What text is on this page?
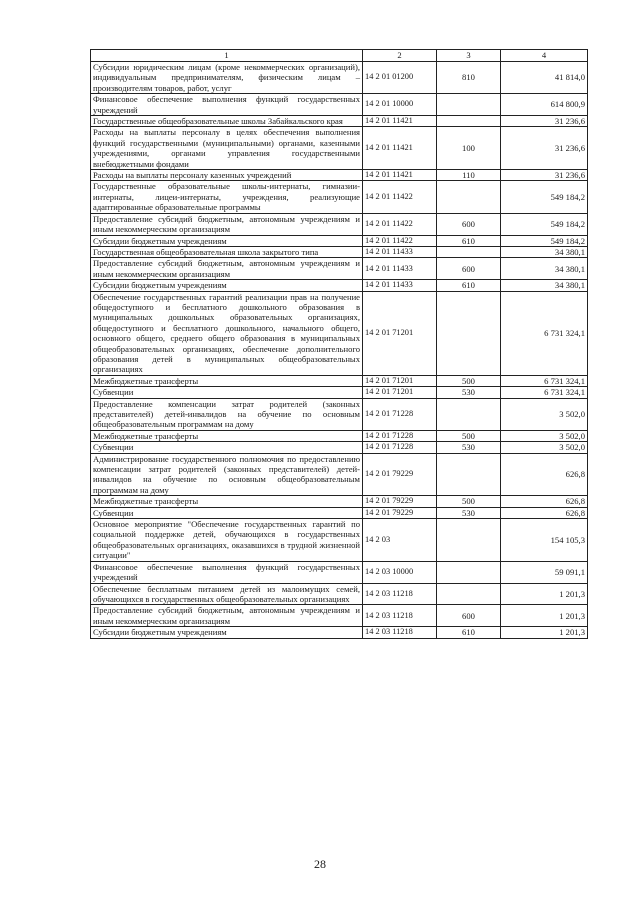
1	2	3	4
Субсидии юридическим лицам (кроме некоммерческих организаций), индивидуальным предпринимателям, физическим лицам – производителям товаров, работ, услуг	14 2 01 01200	810	41 814,0
Финансовое обеспечение выполнения функций государственных учреждений	14 2 01 10000		614 800,9
Государственные общеобразовательные школы Забайкальского края	14 2 01 11421		31 236,6
Расходы на выплаты персоналу в целях обеспечения выполнения функций государственными (муниципальными) органами, казенными учреждениями, органами управления государственными внебюджетными фондами	14 2 01 11421	100	31 236,6
Расходы на выплаты персоналу казенных учреждений	14 2 01 11421	110	31 236,6
Государственные образовательные школы-интернаты, гимназии-интернаты, лицеи-интернаты, учреждения, реализующие адаптированные образовательные программы	14 2 01 11422		549 184,2
Предоставление субсидий бюджетным, автономным учреждениям и иным некоммерческим организациям	14 2 01 11422	600	549 184,2
Субсидии бюджетным учреждениям	14 2 01 11422	610	549 184,2
Государственная общеобразовательная школа закрытого типа	14 2 01 11433		34 380,1
Предоставление субсидий бюджетным, автономным учреждениям и иным некоммерческим организациям	14 2 01 11433	600	34 380,1
Субсидии бюджетным учреждениям	14 2 01 11433	610	34 380,1
Обеспечение государственных гарантий реализации прав на получение общедоступного и бесплатного дошкольного образования в муниципальных дошкольных образовательных организациях, общедоступного и бесплатного дошкольного, начального общего, основного общего, среднего общего образования в муниципальных общеобразовательных организациях, обеспечение дополнительного образования детей в муниципальных общеобразовательных организациях	14 2 01 71201		6 731 324,1
Межбюджетные трансферты	14 2 01 71201	500	6 731 324,1
Субвенции	14 2 01 71201	530	6 731 324,1
Предоставление компенсации затрат родителей (законных представителей) детей-инвалидов на обучение по основным общеобразовательным программам на дому	14 2 01 71228		3 502,0
Межбюджетные трансферты	14 2 01 71228	500	3 502,0
Субвенции	14 2 01 71228	530	3 502,0
Администрирование государственного полномочия по предоставлению компенсации затрат родителей (законных представителей) детей-инвалидов на обучение по основным общеобразовательным программам на дому	14 2 01 79229		626,8
Межбюджетные трансферты	14 2 01 79229	500	626,8
Субвенции	14 2 01 79229	530	626,8
Основное мероприятие "Обеспечение государственных гарантий по социальной поддержке детей, обучающихся в государственных общеобразовательных организациях, оказавшихся в трудной жизненной ситуации"	14 2 03		154 105,3
Финансовое обеспечение выполнения функций государственных учреждений	14 2 03 10000		59 091,1
Обеспечение бесплатным питанием детей из малоимущих семей, обучающихся в государственных общеобразовательных организациях	14 2 03 11218		1 201,3
Предоставление субсидий бюджетным, автономным учреждениям и иным некоммерческим организациям	14 2 03 11218	600	1 201,3
Субсидии бюджетным учреждениям	14 2 03 11218	610	1 201,3
28
